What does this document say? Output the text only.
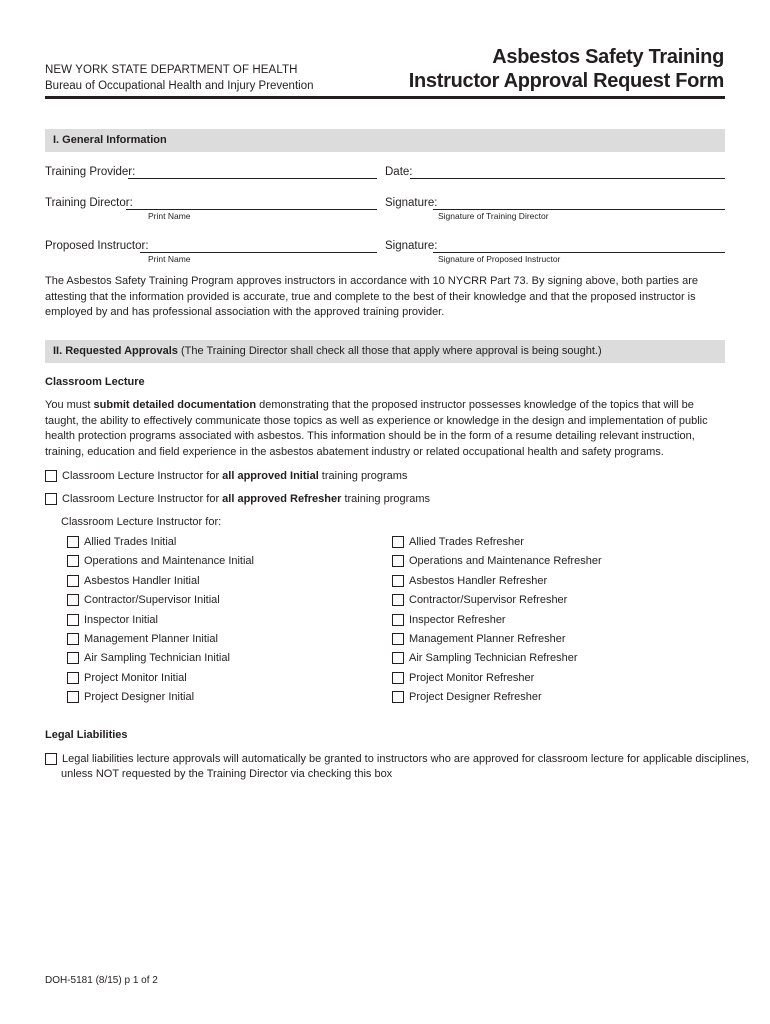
NEW YORK STATE DEPARTMENT OF HEALTH
Bureau of Occupational Health and Injury Prevention
Asbestos Safety Training
Instructor Approval Request Form
I. General Information
Training Provider:	Date:
Training Director:
Print Name
Signature:
Signature of Training Director
Proposed Instructor:
Print Name
Signature:
Signature of Proposed Instructor
The Asbestos Safety Training Program approves instructors in accordance with 10 NYCRR Part 73. By signing above, both parties are attesting that the information provided is accurate, true and complete to the best of their knowledge and that the proposed instructor is employed by and has professional association with the approved training provider.
II. Requested Approvals (The Training Director shall check all those that apply where approval is being sought.)
Classroom Lecture
You must submit detailed documentation demonstrating that the proposed instructor possesses knowledge of the topics that will be taught, the ability to effectively communicate those topics as well as experience or knowledge in the design and implementation of public health protection programs associated with asbestos. This information should be in the form of a resume detailing relevant instruction, training, education and field experience in the asbestos abatement industry or related occupational health and safety programs.
Classroom Lecture Instructor for all approved Initial training programs
Classroom Lecture Instructor for all approved Refresher training programs
Classroom Lecture Instructor for:
Allied Trades Initial
Operations and Maintenance Initial
Asbestos Handler Initial
Contractor/Supervisor Initial
Inspector Initial
Management Planner Initial
Air Sampling Technician Initial
Project Monitor Initial
Project Designer Initial
Allied Trades Refresher
Operations and Maintenance Refresher
Asbestos Handler Refresher
Contractor/Supervisor Refresher
Inspector Refresher
Management Planner Refresher
Air Sampling Technician Refresher
Project Monitor Refresher
Project Designer Refresher
Legal Liabilities
Legal liabilities lecture approvals will automatically be granted to instructors who are approved for classroom lecture for applicable disciplines,
unless NOT requested by the Training Director via checking this box
DOH-5181 (8/15) p 1 of 2
